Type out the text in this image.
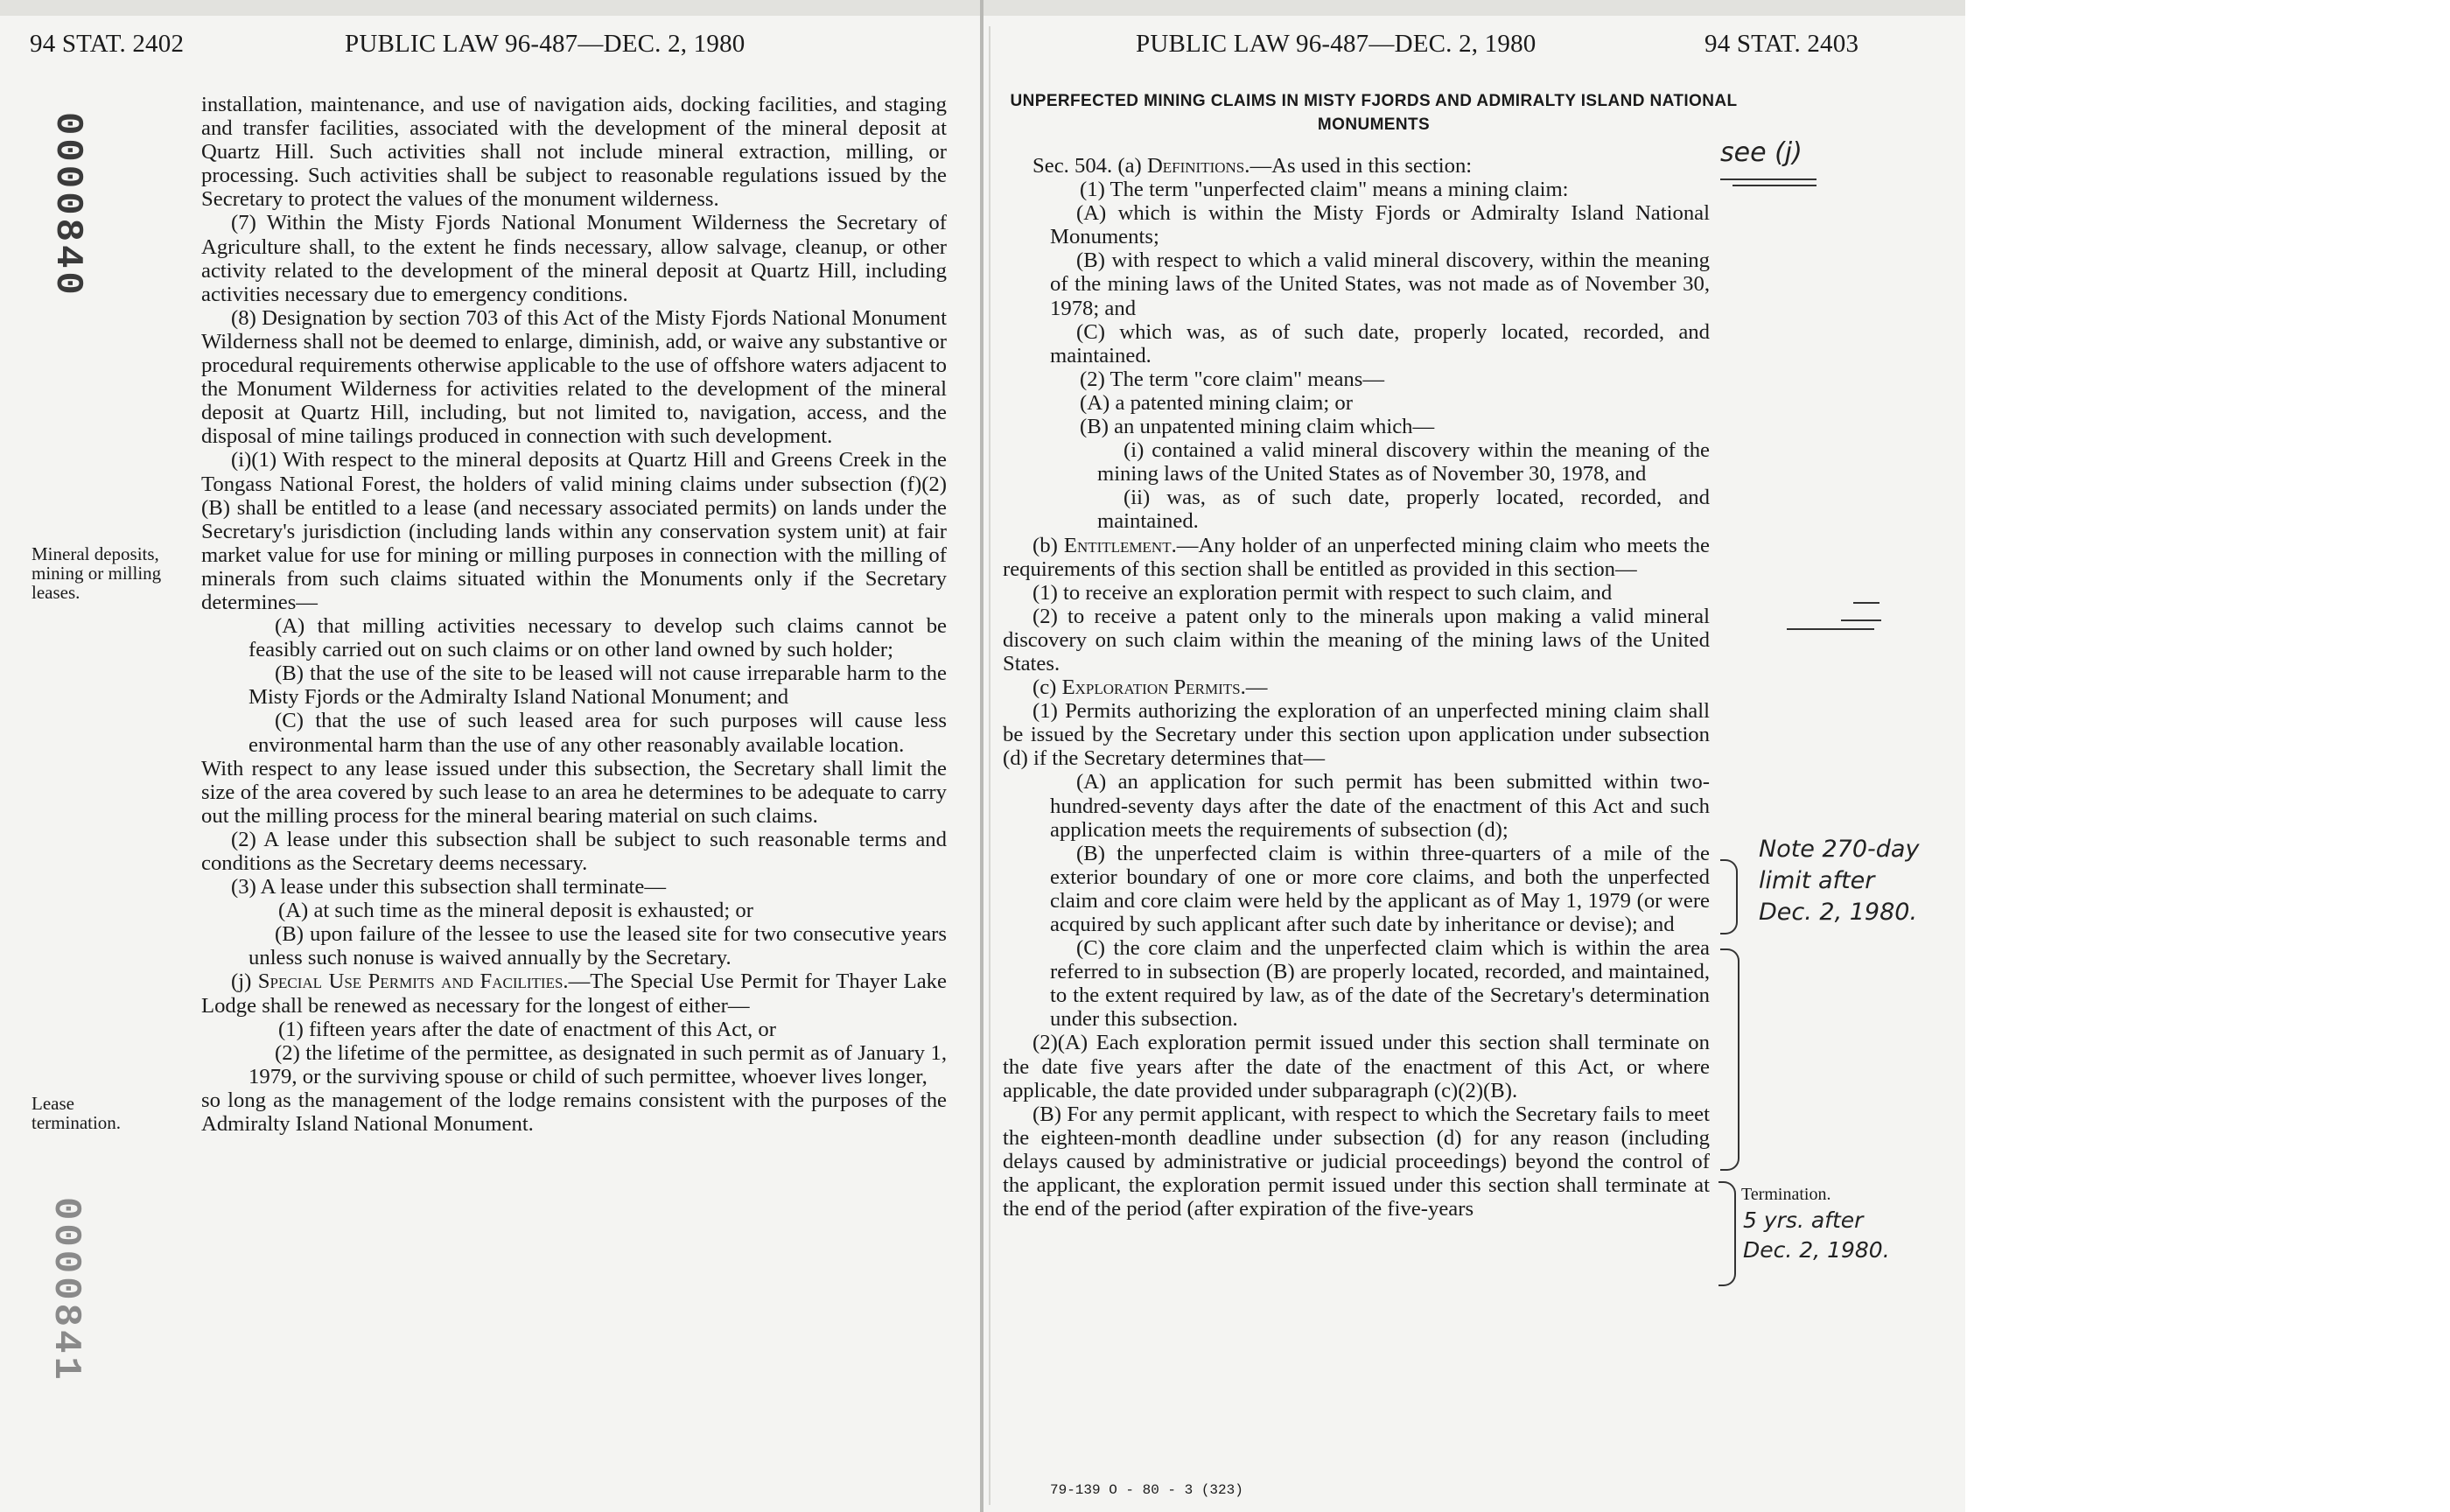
94 STAT. 2402	PUBLIC LAW 96-487—DEC. 2, 1980
0000840
0000841
Mineral deposits, mining or milling leases.
Lease termination.

installation, maintenance, and use of navigation aids, docking facilities, and staging and transfer facilities, associated with the development of the mineral deposit at Quartz Hill. Such activities shall not include mineral extraction, milling, or processing. Such activities shall be subject to reasonable regulations issued by the Secretary to protect the values of the monument wilderness.

(7) Within the Misty Fjords National Monument Wilderness the Secretary of Agriculture shall, to the extent he finds necessary, allow salvage, cleanup, or other activity related to the development of the mineral deposit at Quartz Hill, including activities necessary due to emergency conditions.

(8) Designation by section 703 of this Act of the Misty Fjords National Monument Wilderness shall not be deemed to enlarge, diminish, add, or waive any substantive or procedural requirements otherwise applicable to the use of offshore waters adjacent to the Monument Wilderness for activities related to the development of the mineral deposit at Quartz Hill, including, but not limited to, navigation, access, and the disposal of mine tailings produced in connection with such development.

(i)(1) With respect to the mineral deposits at Quartz Hill and Greens Creek in the Tongass National Forest, the holders of valid mining claims under subsection (f)(2)(B) shall be entitled to a lease (and necessary associated permits) on lands under the Secretary's jurisdiction (including lands within any conservation system unit) at fair market value for use for mining or milling purposes in connection with the milling of minerals from such claims situated within the Monuments only if the Secretary determines—

(A) that milling activities necessary to develop such claims cannot be feasibly carried out on such claims or on other land owned by such holder;

(B) that the use of the site to be leased will not cause irreparable harm to the Misty Fjords or the Admiralty Island National Monument; and

(C) that the use of such leased area for such purposes will cause less environmental harm than the use of any other reasonably available location.

With respect to any lease issued under this subsection, the Secretary shall limit the size of the area covered by such lease to an area he determines to be adequate to carry out the milling process for the mineral bearing material on such claims.

(2) A lease under this subsection shall be subject to such reasonable terms and conditions as the Secretary deems necessary.

(3) A lease under this subsection shall terminate—

(A) at such time as the mineral deposit is exhausted; or

(B) upon failure of the lessee to use the leased site for two consecutive years unless such nonuse is waived annually by the Secretary.

(j) Special Use Permits and Facilities.—The Special Use Permit for Thayer Lake Lodge shall be renewed as necessary for the longest of either—

(1) fifteen years after the date of enactment of this Act, or

(2) the lifetime of the permittee, as designated in such permit as of January 1, 1979, or the surviving spouse or child of such permittee, whoever lives longer,

so long as the management of the lodge remains consistent with the purposes of the Admiralty Island National Monument.

PUBLIC LAW 96-487—DEC. 2, 1980	94 STAT. 2403
UNPERFECTED MINING CLAIMS IN MISTY FJORDS AND ADMIRALTY ISLAND NATIONAL MONUMENTS

Sec. 504. (a) Definitions.—As used in this section:

(1) The term "unperfected claim" means a mining claim:

(A) which is within the Misty Fjords or Admiralty Island National Monuments;

(B) with respect to which a valid mineral discovery, within the meaning of the mining laws of the United States, was not made as of November 30, 1978; and

(C) which was, as of such date, properly located, recorded, and maintained.

(2) The term "core claim" means—

(A) a patented mining claim; or

(B) an unpatented mining claim which—

(i) contained a valid mineral discovery within the meaning of the mining laws of the United States as of November 30, 1978, and

(ii) was, as of such date, properly located, recorded, and maintained.

(b) Entitlement.—Any holder of an unperfected mining claim who meets the requirements of this section shall be entitled as provided in this section—

(1) to receive an exploration permit with respect to such claim, and

(2) to receive a patent only to the minerals upon making a valid mineral discovery on such claim within the meaning of the mining laws of the United States.

(c) Exploration Permits.—

(1) Permits authorizing the exploration of an unperfected mining claim shall be issued by the Secretary under this section upon application under subsection (d) if the Secretary determines that—

(A) an application for such permit has been submitted within two-hundred-seventy days after the date of the enactment of this Act and such application meets the requirements of subsection (d);

(B) the unperfected claim is within three-quarters of a mile of the exterior boundary of one or more core claims, and both the unperfected claim and core claim were held by the applicant as of May 1, 1979 (or were acquired by such applicant after such date by inheritance or devise); and

(C) the core claim and the unperfected claim which is within the area referred to in subsection (B) are properly located, recorded, and maintained, to the extent required by law, as of the date of the Secretary's determination under this subsection.

(2)(A) Each exploration permit issued under this section shall terminate on the date five years after the date of the enactment of this Act, or where applicable, the date provided under subparagraph (c)(2)(B).

(B) For any permit applicant, with respect to which the Secretary fails to meet the eighteen-month deadline under subsection (d) for any reason (including delays caused by administrative or judicial proceedings) beyond the control of the applicant, the exploration permit issued under this section shall terminate at the end of the period (after expiration of the five-years

Termination.
see (j)
Note 270-day
limit after
Dec. 2, 1980.
5 yrs. after
Dec. 2, 1980.
79-139 O - 80 - 3 (323)
